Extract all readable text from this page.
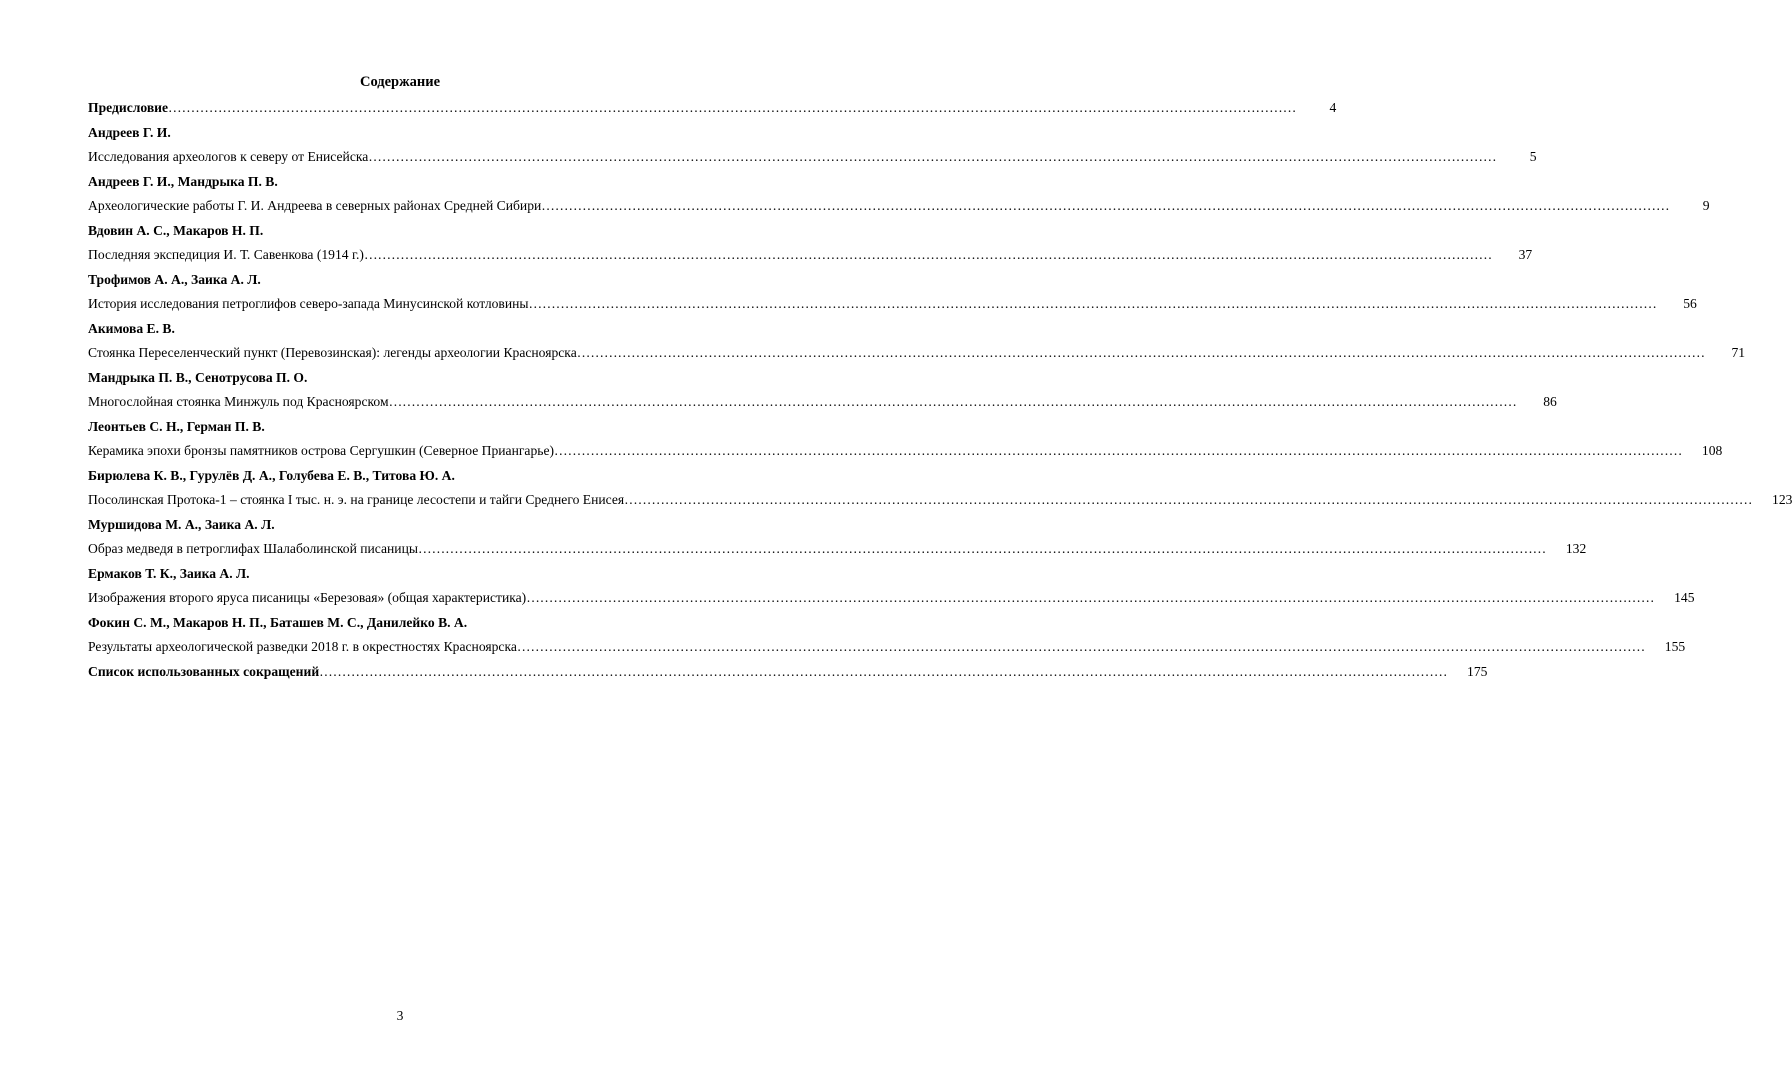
Содержание
Предисловие ……………………………………………………………………………………………………………………………………………………………………………………………………………………………	4
Андреев Г. И.
Исследования археологов к северу от Енисейска ……………………………………………………………………………………………………………………………………………………………………………………………………………………………	5
Андреев Г. И., Мандрыка П. В.
Археологические работы Г. И. Андреева в северных районах Средней Сибири ……………………………………………………………………………………………………………………………………………………………………………………………………………………………	9
Вдовин А. С., Макаров Н. П.
Последняя экспедиция И. Т. Савенкова (1914 г.) ……………………………………………………………………………………………………………………………………………………………………………………………………………………………	37
Трофимов А. А., Заика А. Л.
История исследования петроглифов северо-запада Минусинской котловины ……………………………………………………………………………………………………………………………………………………………………………………………………………………………	56
Акимова Е. В.
Стоянка Переселенческий пункт (Перевозинская): легенды археологии Красноярска ……………………………………………………………………………………………………………………………………………………………………………………………………………………………	71
Мандрыка П. В., Сенотрусова П. О.
Многослойная стоянка Минжуль под Красноярском ……………………………………………………………………………………………………………………………………………………………………………………………………………………………	86
Леонтьев С. Н., Герман П. В.
Керамика эпохи бронзы памятников острова Сергушкин (Северное Приангарье) ……………………………………………………………………………………………………………………………………………………………………………………………………………………………	108
Бирюлева К. В., Гурулёв Д. А., Голубева Е. В., Титова Ю. А.
Посолинская Протока-1 – стоянка I тыс. н. э. на границе лесостепи и тайги Среднего Енисея ……………………………………………………………………………………………………………………………………………………………………………………………………………………………	123
Муршидова М. А., Заика А. Л.
Образ медведя в петроглифах Шалаболинской писаницы ……………………………………………………………………………………………………………………………………………………………………………………………………………………………	132
Ермаков Т. К., Заика А. Л.
Изображения второго яруса писаницы «Березовая» (общая характеристика) ……………………………………………………………………………………………………………………………………………………………………………………………………………………………	145
Фокин С. М., Макаров Н. П., Баташев М. С., Данилейко В. А.
Результаты археологической разведки 2018 г. в окрестностях Красноярска ……………………………………………………………………………………………………………………………………………………………………………………………………………………………	155
Список использованных сокращений ……………………………………………………………………………………………………………………………………………………………………………………………………………………………	175
3
